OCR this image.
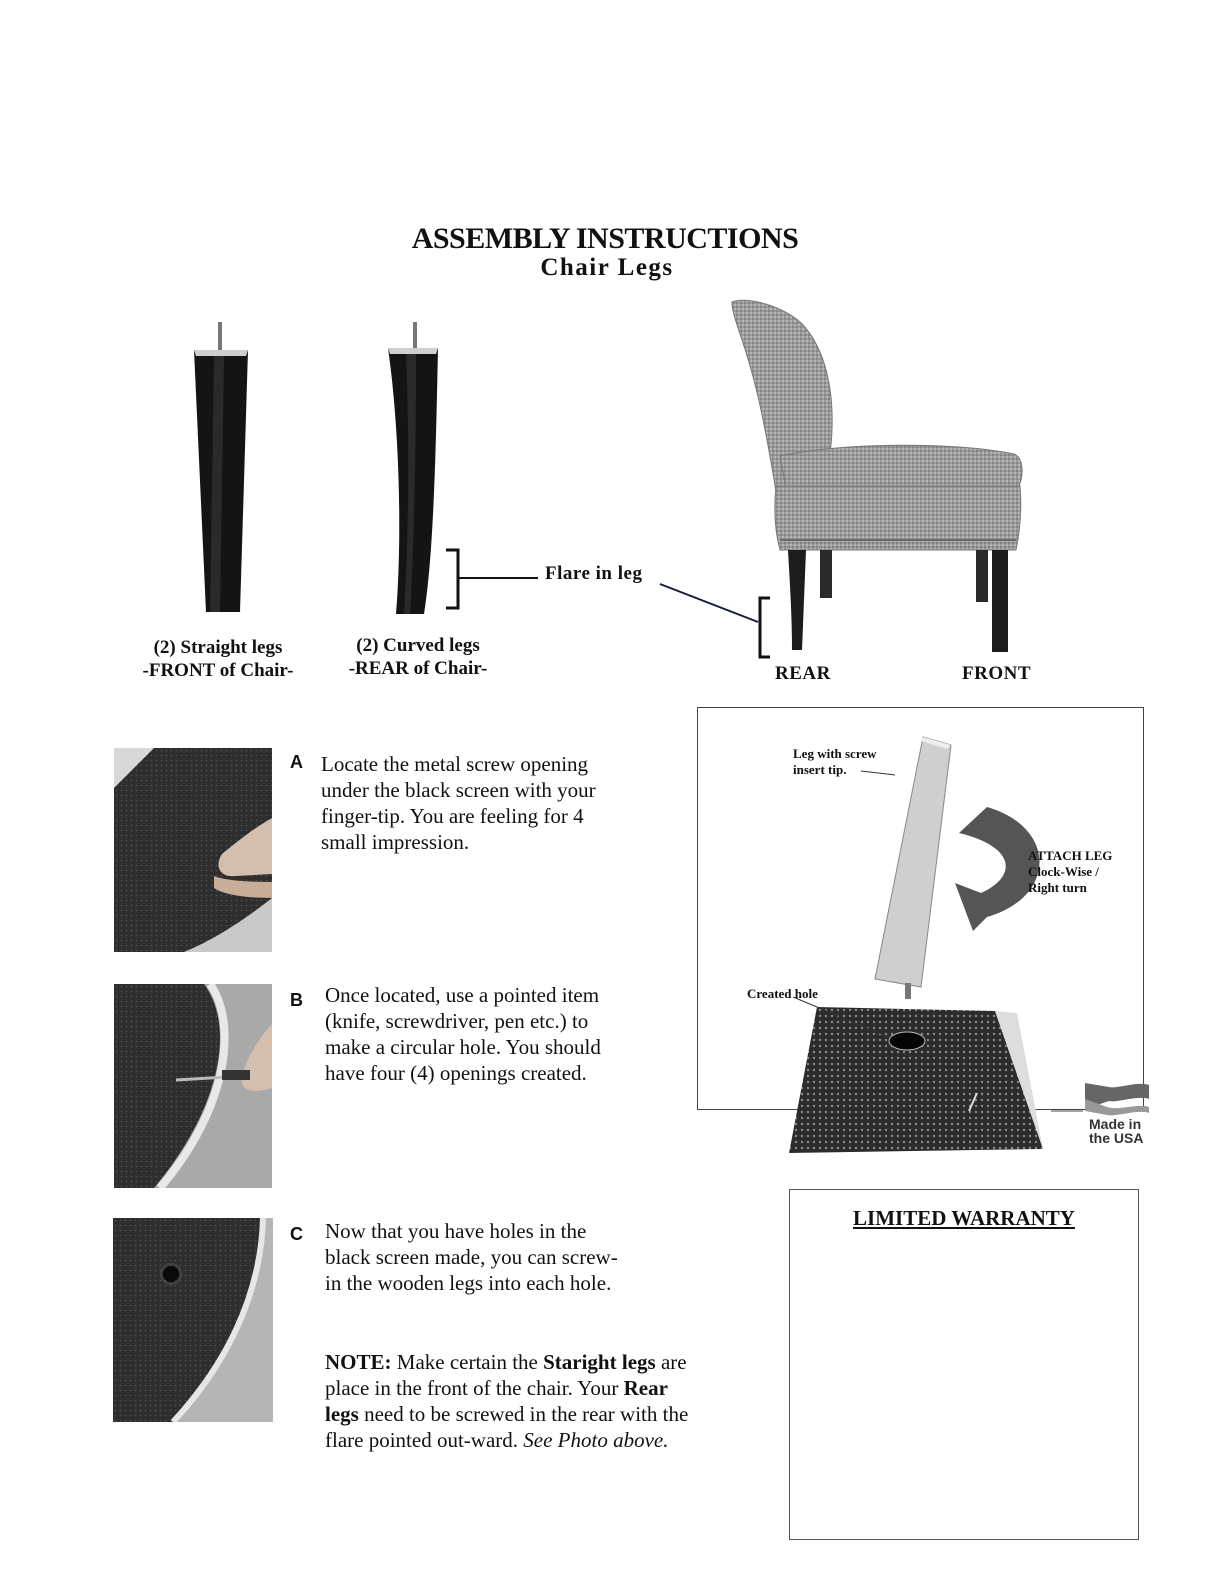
ASSEMBLY INSTRUCTIONS
Chair Legs
Flare in leg
(2) Straight legs
-FRONT of Chair-
(2) Curved legs
-REAR of Chair-	REAR	FRONT
A Locate the metal screw opening under the black screen with your finger-tip. You are feeling for 4 small impression.
B Once located, use a pointed item (knife, screwdriver, pen etc.) to make a circular hole. You should have four (4) openings created.
C Now that you have holes in the black screen made, you can screw-in the wooden legs into each hole.
NOTE: Make certain the Staright legs are place in the front of the chair. Your Rear legs need to be screwed in the rear with the flare pointed out-ward. See Photo above.
Leg with screw insert tip.
ATTACH LEG
Clock-Wise /
Right turn
Created hole
Made in
the USA
LIMITED WARRANTY
